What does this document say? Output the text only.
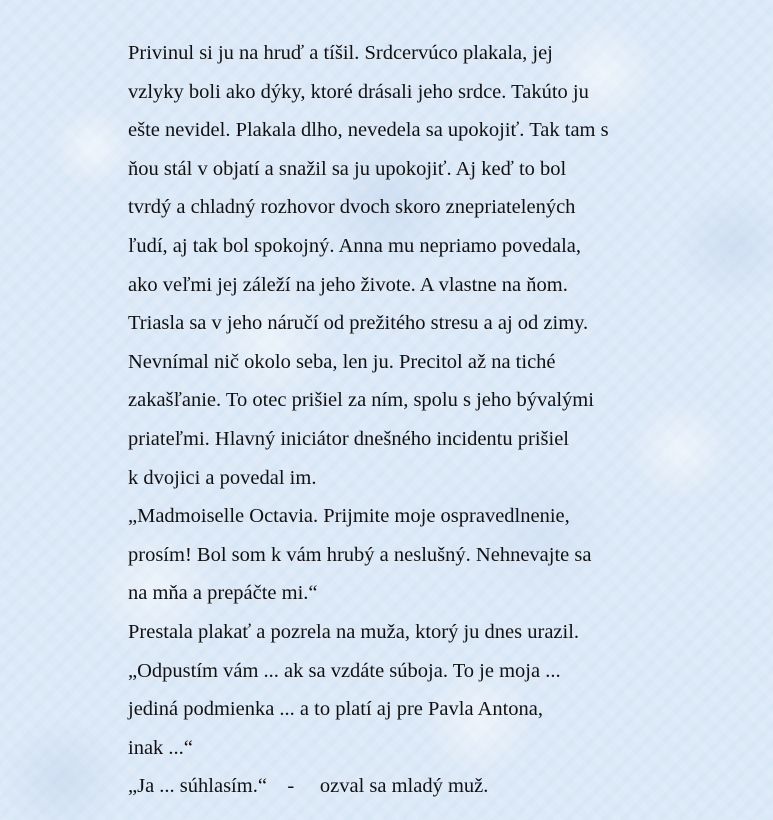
Privinul si ju na hruď a tíšil. Srdcervúco plakala, jej
vzlyky boli ako dýky, ktoré drásali jeho srdce. Takúto ju
ešte nevidel. Plakala dlho, nevedela sa upokojiť. Tak tam s
ňou stál v objatí a snažil sa ju upokojiť. Aj keď to bol
tvrdý a chladný rozhovor dvoch skoro znepriatelených
ľudí, aj tak bol spokojný. Anna mu nepriamo povedala,
ako veľmi jej záleží na jeho živote. A vlastne na ňom.
Triasla sa v jeho náručí od prežitého stresu a aj od zimy.
Nevnímal nič okolo seba, len ju. Precitol až na tiché
zakašľanie. To otec prišiel za ním, spolu s jeho bývalými
priateľmi. Hlavný iniciátor dnešného incidentu prišiel
k dvojici a povedal im.
„Madmoiselle Octavia. Prijmite moje ospravedlnenie,
prosím! Bol som k vám hrubý a neslušný. Nehnevajte sa
na mňa a prepáčte mi.“
Prestala plakať a pozrela na muža, ktorý ju dnes urazil.
„Odpustím vám ... ak sa vzdáte súboja. To je moja ...
jediná podmienka ... a to platí aj pre Pavla Antona,
inak ...“
„Ja ... súhlasím.“    -     ozval sa mladý muž.
